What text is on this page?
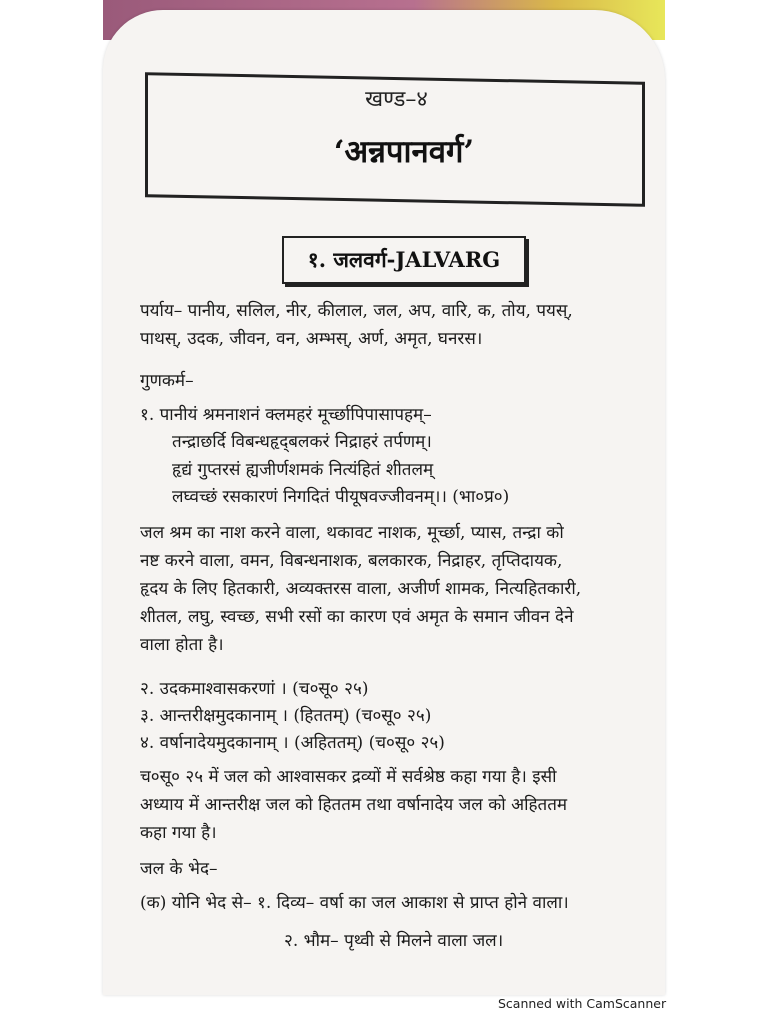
खण्ड–४
‘अन्नपानवर्ग’
१. जलवर्ग-JALVARG
पर्याय– पानीय, सलिल, नीर, कीलाल, जल, अप, वारि, क, तोय, पयस्,
पाथस्, उदक, जीवन, वन, अम्भस्, अर्ण, अमृत, घनरस।
गुणकर्म–
१. पानीयं श्रमनाशनं क्लमहरं मूर्च्छापिपासापहम्–
तन्द्राछर्दि विबन्धहृद्‌बलकरं निद्राहरं तर्पणम्।
हृद्यं गुप्तरसं ह्यजीर्णशमकं नित्यंहितं शीतलम्
लघ्वच्छं रसकारणं निगदितं पीयूषवज्जीवनम्।। (भा०प्र०)
जल श्रम का नाश करने वाला, थकावट नाशक, मूर्च्छा, प्यास, तन्द्रा को
नष्ट करने वाला, वमन, विबन्धनाशक, बलकारक, निद्राहर, तृप्तिदायक,
हृदय के लिए हितकारी, अव्यक्तरस वाला, अजीर्ण शामक, नित्यहितकारी,
शीतल, लघु, स्वच्छ, सभी रसों का कारण एवं अमृत के समान जीवन देने
वाला होता है।
२. उदकमाश्वासकरणां । (च०सू० २५)
३. आन्तरीक्षमुदकानाम् । (हिततम्) (च०सू० २५)
४. वर्षानादेयमुदकानाम् । (अहिततम्) (च०सू० २५)
च०सू० २५ में जल को आश्वासकर द्रव्यों में सर्वश्रेष्ठ कहा गया है। इसी
अध्याय में आन्तरीक्ष जल को हिततम तथा वर्षानादेय जल को अहिततम
कहा गया है।
जल के भेद–
(क) योनि भेद से– १. दिव्य– वर्षा का जल आकाश से प्राप्त होने वाला।
२. भौम– पृथ्वी से मिलने वाला जल।
Scanned with CamScanner
